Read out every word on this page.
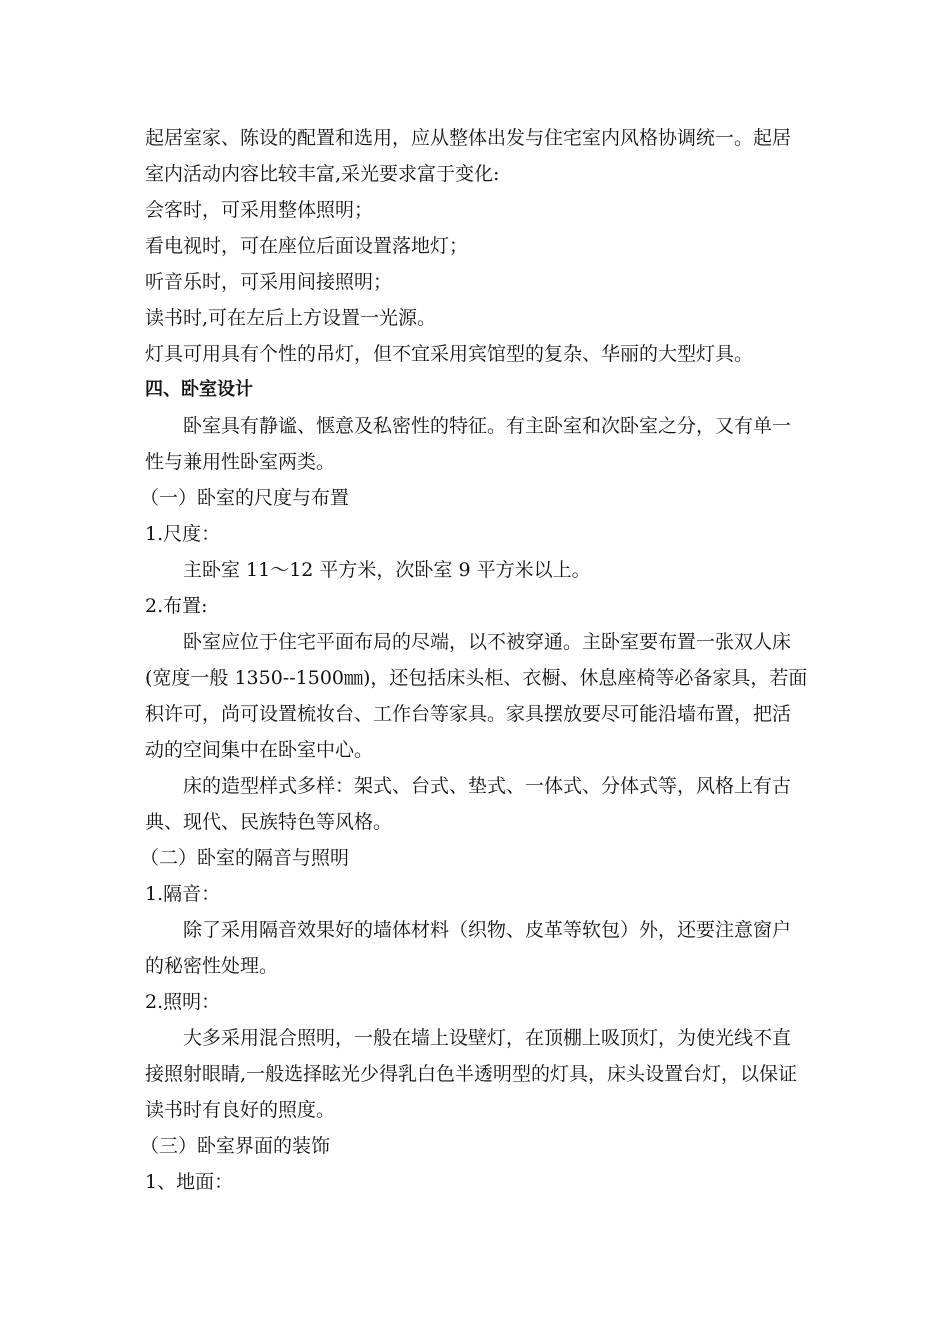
起居室家、陈设的配置和选用，应从整体出发与住宅室内风格协调统一。起居

室内活动内容比较丰富,采光要求富于变化:

会客时，可采用整体照明；

看电视时，可在座位后面设置落地灯；

听音乐时，可采用间接照明；

读书时,可在左后上方设置一光源。

灯具可用具有个性的吊灯，但不宜采用宾馆型的复杂、华丽的大型灯具。

四、卧室设计

卧室具有静谧、惬意及私密性的特征。有主卧室和次卧室之分，又有单一

性与兼用性卧室两类。

（一）卧室的尺度与布置

1.尺度：

主卧室 11～12 平方米，次卧室 9 平方米以上。

2.布置:

卧室应位于住宅平面布局的尽端，以不被穿通。主卧室要布置一张双人床

(宽度一般 1350--1500㎜)，还包括床头柜、衣橱、休息座椅等必备家具，若面

积许可，尚可设置梳妆台、工作台等家具。家具摆放要尽可能沿墙布置，把活

动的空间集中在卧室中心。

床的造型样式多样：架式、台式、垫式、一体式、分体式等，风格上有古

典、现代、民族特色等风格。

（二）卧室的隔音与照明

1.隔音：

除了采用隔音效果好的墙体材料（织物、皮革等软包）外，还要注意窗户

的秘密性处理。

2.照明：

大多采用混合照明，一般在墙上设壁灯，在顶棚上吸顶灯，为使光线不直

接照射眼睛,一般选择眩光少得乳白色半透明型的灯具，床头设置台灯，以保证

读书时有良好的照度。

（三）卧室界面的装饰

1、地面：
